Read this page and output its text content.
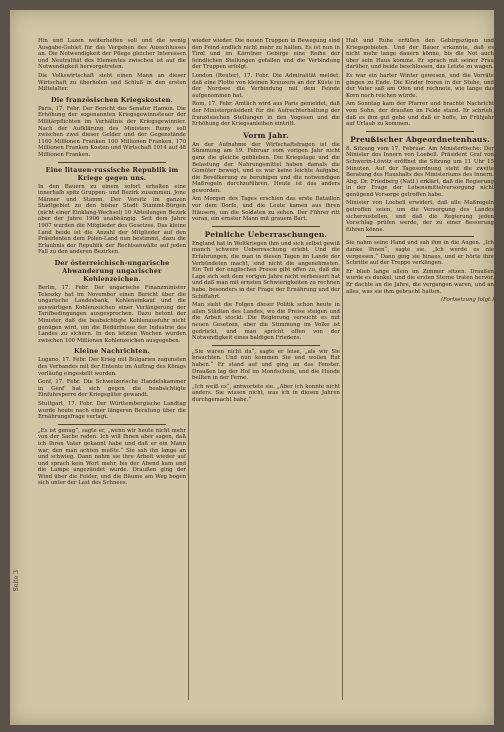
Hin und Lazen weiterhelfen soll und die wenig Ausgabe-Gebiet für das Vergehen des Ausschlusses an. Die Notwendigkeit der Pflege gleicher Interessen und Neutralität des Elementes zwischen ist auf die Notwendigkeit hervorgetreten.

Die Volkswirtschaft sieht einen Mann an dieser Wirtschaft zu überholen und Schluß in den ersten Mittelalter.

Die französischen Kriegskosten.

Paris, 17. Febr. Der Bericht des Senator Hamon. Die Erhöhung der sogenannten Kriegsgewinnsteuer der Militärpflichten im Verhältnis der Kriegsgewinnler. Nach der Aufklärung des Ministers Remy soll zwischen zwei dieser Gelder und der Gegenstände 1160 Millionen Franken 100 Millionen Franken, 170 Millionen Franken Kosten und Wirtschaft 1014 auf 48 Millionen Franken.

Eine litauen-russische Republik im Kriege gegen uns.

In den Bauern zu einem sofort erhalten eine innerhalb spitz Gruppen- und Bezirk zusammen. Jene Männer und Stamm. Der Vorsitz im ganzen Stadtgebiet zu den bisher Stadt Stammt-Bürgen (nicht einer Einklang-Wechsel) 10 Abteilungen Bezirk aber der Jahre 1906 unabhängig. Seit dem Jahre 1907 wurden die Mitglieder des Gesetzes. Das kleine Land beide ist die Anzahl der Mitglieder auf den Präsidenten dem Polen-Land nun bestimmt, dazu die Erlaubnis der Republik der Rechtsanwälte auf jeden Fall zu den anderen Bezirken.

Der österreichisch-ungarische Abwanderung ungarischer Kohlenzeichen.

Berlin, 17. Febr. Der ungarische Finanzminister Teleszky hat im November einen Bericht über die ungarische Landesbank, Kohleneinkauf und die auswärtigen Kohlenzeichen einer Verlängerung der Tarifbedingungen ausgesprochen. Dazu betont der Minister, daß die beabsichtigte Kohlenausfuhr nicht genügen wird, um die Bedürfnisse der Industrie des Landes zu sichern. In den letzten Wochen wurden zwischen 100 Millionen Kohlenzeichen ausgegeben.

Kleine Nachrichten.

Lugano, 17. Febr. Der Krieg mit Bulgarien zugunsten des Verbandes mit der Entente im Auftrag des Königs vorläufig eingestellt worden.

Genf, 17. Febr. Die Schweizerische Handelskammer in Genf hat sich gegen die beabsichtigte Einfuhrsperre der Kriegsgüter gewandt.

Stuttgart, 17. Febr. Der Württembergische Landtag wurde heute nach einer längeren Beratung über die Ernährungsfrage vertagt.

„Es ist genug“, sagte er, „wenn wir heute nicht mehr von der Sache reden. Ich will Ihnen aber sagen, daß ich Ihren Vater gekannt habe und daß er ein Mann war, den man achten mußte.“ Sie sah ihn lange an und schwieg. Dann nahm sie ihre Arbeit wieder auf und sprach kein Wort mehr, bis der Abend kam und die Lampe angezündet wurde. Draußen ging der Wind über die Felder, und die Bäume am Weg bogen sich unter der Last des Schnees.

wieder wieder. Die neuen Truppen in Bewegung sind den Feind endlich nicht mehr zu halten. Es ist nun in Tirol und im Kärntner Gebirge eine Reihe der feindlichen Stellungen gefallen und die Verbindung der Truppen erfolgt.

London (Reuter), 17. Febr. Die Admiralität meldet, daß eine Flotte von kleinen Kreuzern an der Küste in der Nordsee die Verbindung mit dem Feinde aufgenommen hat.

Rom, 17. Febr. Amtlich wird aus Paris gemeldet, daß der Ministerpräsident für die Aufrechterhaltung der französischen Stellungen in den Vogesen und die Erhöhung der Kriegsanleihen eintritt.

Vorm Jahr.

An der Aufnahme der Wirtschaftsfragen ist die Stimmung am 19. Februar vom vorigen Jahr nicht ganz die gleiche geblieben. Die Kriegslage und die Belastung der Nahrungsmittel haben damals die Gemüter bewegt, und es war keine leichte Aufgabe, die Bevölkerung zu beruhigen und die notwendigen Maßregeln durchzuführen. Heute ist das anders geworden.

Am Morgen des Tages erschien das erste Bataillon vor dem Dorfe, und die Leute kamen aus ihren Häusern, um die Soldaten zu sehen. Der Führer ritt voran, ein ernster Mann mit grauem Bart.

Peinliche Ueberraschungen.

England hat in Weltkriegen ihm und sich selbst gewiß manch schwere Ueberraschung erlebt. Und die Erfahrungen, die man in diesen Tagen im Lande der Verbündeten macht, sind nicht die angenehmsten. Ein Teil der englischen Presse gibt offen zu, daß die Lage sich seit dem vorigen Jahre nicht verbessert hat und daß man mit ernsten Schwierigkeiten zu rechnen habe, besonders in der Frage der Ernährung und der Schiffahrt.

Man sieht die Folgen dieser Politik schon heute in allen Städten des Landes, wo die Preise steigen und die Arbeit stockt. Die Regierung versucht es mit neuen Gesetzen, aber die Stimmung im Volke ist gedrückt, und man spricht offen von der Notwendigkeit eines baldigen Friedens.

„Sie waren nicht da“, sagte er leise, „als wir Sie brauchten. Und nun kommen Sie und wollen Rat haben.“ Er stand auf und ging an das Fenster. Draußen lag der Hof im Mondschein, und die Hunde bellten in der Ferne.

„Ich weiß es“, antwortete sie. „Aber ich konnte nicht anders. Sie wissen nicht, was ich in diesen Jahren durchgemacht habe.“

Halt und Ruhe erfüllen den Gebirgszügen und Kriegsgebieten. Und der Bauer erkannte, daß es nicht mehr lange dauern könne, bis die Not auch über sein Haus komme. Er sprach mit seiner Frau darüber, und beide beschlossen, das Letzte zu wagen.

Es war ein harter Winter gewesen, und die Vorräte gingen zu Ende. Die Kinder froren in der Stube, und der Vater saß am Ofen und rechnete, wie lange das Korn noch reichen würde.

Am Sonntag kam der Pfarrer und brachte Nachricht vom Sohn, der draußen im Felde stand. Er schrieb, daß es ihm gut gehe und daß er hoffe, im Frühjahr auf Urlaub zu kommen.

Preußischer Abgeordnetenhaus.

8. Sitzung vom 17. Februar. Am Ministertische: Der Minister des Innern von Loebell. Präsident Graf von Schwerin-Löwitz eröffnet die Sitzung um 11 Uhr 15 Minuten. Auf der Tagesordnung steht die zweite Beratung des Haushalts des Ministeriums des Innern. Abg. Dr. Friedberg (Natl.) erklärt, daß die Regierung in der Frage der Lebensmittelversorgung nicht genügend Vorsorge getroffen habe.

Minister von Loebell erwidert, daß alle Maßregeln getroffen seien, um die Versorgung des Landes sicherzustellen, und daß die Regierung jeden Vorschlag prüfen werde, der zu einer Besserung führen könne.

Sie nahm seine Hand und sah ihm in die Augen. „Ich danke Ihnen“, sagte sie. „Ich werde es nie vergessen.“ Dann ging sie hinaus, und er hörte ihre Schritte auf der Treppe verklingen.

Er blieb lange allein im Zimmer sitzen. Draußen wurde es dunkel, und die ersten Sterne traten hervor. Er dachte an die Jahre, die vergangen waren, und an alles, was sie ihm gebracht hatten.

(Fortsetzung folgt.)
Seite 3
